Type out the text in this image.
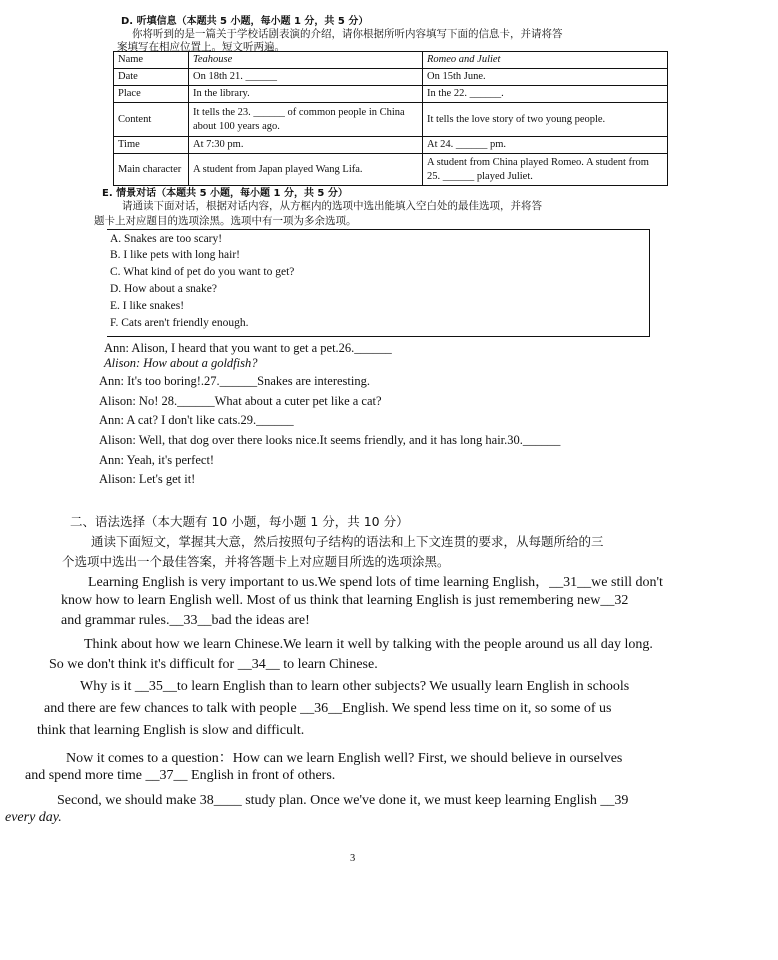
D. 听填信息（本题共 5 小题，每小题 1 分，共 5 分）
你将听到的是一篇关于学校话剧表演的介绍，请你根据所听内容填写下面的信息卡，并请将答
案填写在相应位置上。短文听两遍。
Name	Teahouse	Romeo and Juliet
Date	On 18th 21. ______	On 15th June.
Place	In the library.	In the 22. ______.
Content	It tells the 23. ______ of common people in China about 100 years ago.	It tells the love story of two young people.
Time	At 7:30 pm.	At 24. ______ pm.
Main character	A student from Japan played Wang Lifa.	A student from China played Romeo. A student from 25. ______ played Juliet.
E. 情景对话（本题共 5 小题，每小题 1 分，共 5 分）
请通读下面对话，根据对话内容，从方框内的选项中选出能填入空白处的最佳选项，并将答
题卡上对应题目的选项涂黑。选项中有一项为多余选项。
A. Snakes are too scary!
B. I like pets with long hair!
C. What kind of pet do you want to get?
D. How about a snake?
E. I like snakes!
F. Cats aren't friendly enough.
Ann: Alison, I heard that you want to get a pet.26.______
Alison: How about a goldfish?
Ann: It's too boring!.27.______Snakes are interesting.
Alison: No! 28.______What about a cuter pet like a cat?
Ann: A cat? I don't like cats.29.______
Alison: Well, that dog over there looks nice.It seems friendly, and it has long hair.30.______
Ann: Yeah, it's perfect!
Alison: Let's get it!
二、语法选择（本大题有 10 小题，每小题 1 分，共 10 分）
通读下面短文，掌握其大意，然后按照句子结构的语法和上下文连贯的要求，从每题所给的三
个选项中选出一个最佳答案，并将答题卡上对应题目所选的选项涂黑。
Learning English is very important to us.We spend lots of time learning English，__31__we still don't
know how to learn English well. Most of us think that learning English is just remembering new__32
and grammar rules.__33__bad the ideas are!
Think about how we learn Chinese.We learn it well by talking with the people around us all day long.
So we don't think it's difficult for __34__ to learn Chinese.
Why is it __35__to learn English than to learn other subjects? We usually learn English in schools
and there are few chances to talk with people __36__English. We spend less time on it, so some of us
think that learning English is slow and difficult.
Now it comes to a question：How can we learn English well? First, we should believe in ourselves
and spend more time __37__ English in front of others.
Second, we should make 38____ study plan. Once we've done it, we must keep learning English __39
every day.
3
